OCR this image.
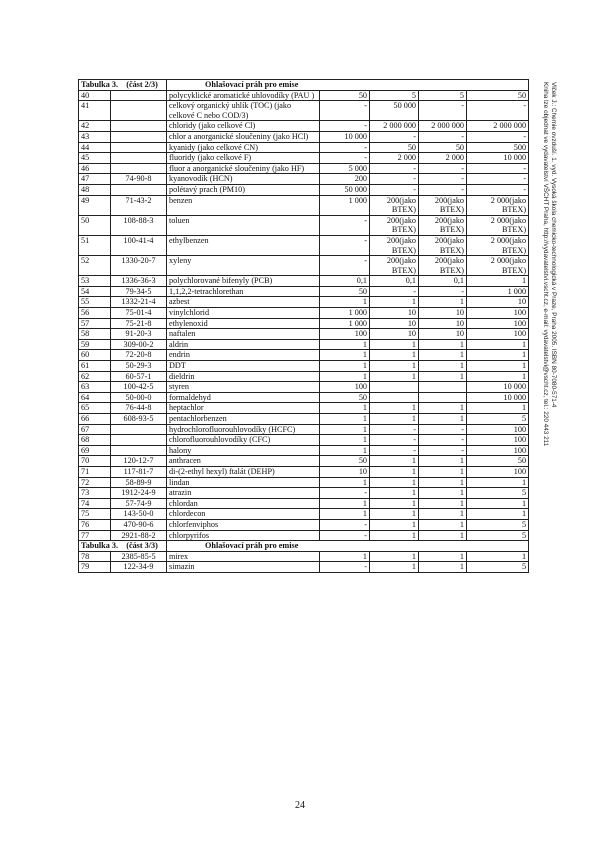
Tabulka 3. (část 2/3)		Ohlašovací práh pro emise				
40		polycyklické aromatické uhlovodíky (PAU )	50	5	5	50
41		celkový organický uhlík (TOC) (jako celkové C nebo COD/3)	-	50 000	-	-
42		chloridy (jako celkové Cl)	-	2 000 000	2 000 000	2 000 000
43		chlor a anorganické sloučeniny (jako HCl)	10 000	-	-	-
44		kyanidy (jako celkové CN)	-	50	50	500
45		fluoridy (jako celkové F)	-	2 000	2 000	10 000
46		fluor a anorganické sloučeniny (jako HF)	5 000	-	-	-
47	74-90-8	kyanovodík (HCN)	200	-	-	-
48		polétavý prach (PM10)	50 000	-	-	-
49	71-43-2	benzen	1 000	200(jako BTEX)	200(jako BTEX)	2 000(jako BTEX)
50	108-88-3	toluen	-	200(jako BTEX)	200(jako BTEX)	2 000(jako BTEX)
51	100-41-4	ethylbenzen	-	200(jako BTEX)	200(jako BTEX)	2 000(jako BTEX)
52	1330-20-7	xyleny	-	200(jako BTEX)	200(jako BTEX)	2 000(jako BTEX)
53	1336-36-3	polychlorované bifenyly (PCB)	0,1	0,1	0,1	1
54	79-34-5	1,1,2,2-tetrachlorethan	50	-	-	1 000
55	1332-21-4	azbest	1	1	1	10
56	75-01-4	vinylchlorid	1 000	10	10	100
57	75-21-8	ethylenoxid	1 000	10	10	100
58	91-20-3	naftalen	100	10	10	100
59	309-00-2	aldrin	1	1	1	1
60	72-20-8	endrin	1	1	1	1
61	50-29-3	DDT	1	1	1	1
62	60-57-1	dieldrin	1	1	1	1
63	100-42-5	styren	100			10 000
64	50-00-0	formaldehyd	50			10 000
65	76-44-8	heptachlor	1	1	1	1
66	608-93-5	pentachlorbenzen	1	1	1	5
67		hydrochlorofluorouhlovodíky (HCFC)	1	-	-	100
68		chlorofluorouhlovodíky (CFC)	1	-	-	100
69		halony	1	-	-	100
70	120-12-7	anthracen	50	1	1	50
71	117-81-7	di-(2-ethyl hexyl) ftalát (DEHP)	10	1	1	100
72	58-89-9	lindan	1	1	1	1
73	1912-24-9	atrazin	-	1	1	5
74	57-74-9	chlordan	1	1	1	1
75	143-50-0	chlordecon	1	1	1	1
76	470-90-6	chlorfenviphos	-	1	1	5
77	2921-88-2	chlorpyrifos	-	1	1	5
Tabulka 3. (část 3/3)		Ohlašovací práh pro emise				
78	2385-85-5	mirex	1	1	1	1
79	122-34-9	simazin	-	1	1	5
Vlček J.: Chemie ovzduší. 1. vyd. Vysoká škola chemicko-technologická v Praze, Praha 2005. ISBN 80-7080-571-4
Kniha lze objednat ve vydavatelství VŠCHT Praha, http://vydavatelstvi.vscht.cz, e-mail: vydavatelstvi@vscht.cz, tel.: 220 443 211
24
